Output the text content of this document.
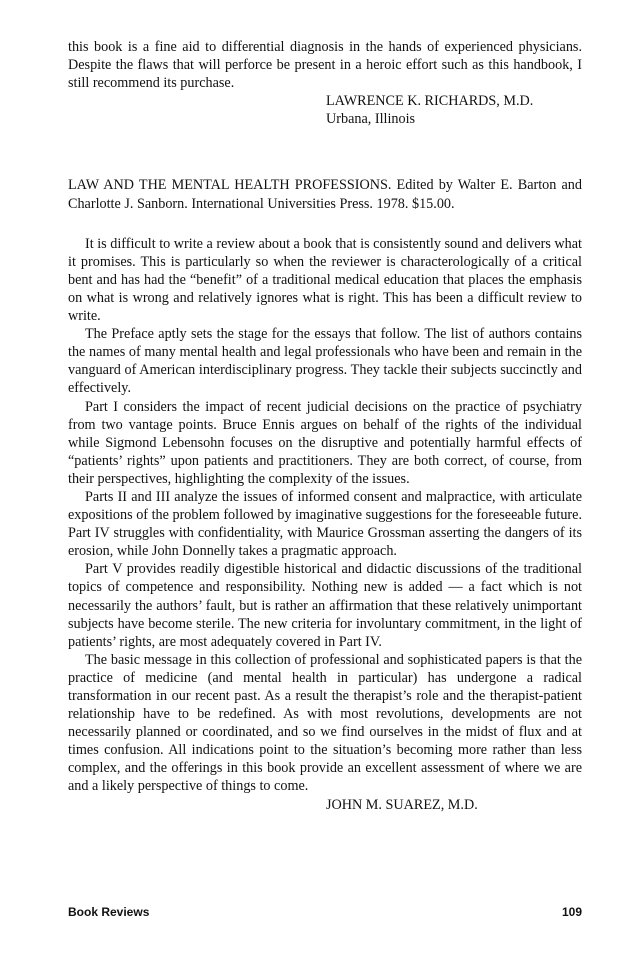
this book is a fine aid to differential diagnosis in the hands of experienced physicians. Despite the flaws that will perforce be present in a heroic effort such as this handbook, I still recommend its purchase.

LAWRENCE K. RICHARDS, M.D.
Urbana, Illinois

LAW AND THE MENTAL HEALTH PROFESSIONS. Edited by Walter E. Barton and Charlotte J. Sanborn. International Universities Press. 1978. $15.00.

It is difficult to write a review about a book that is consistently sound and delivers what it promises. This is particularly so when the reviewer is characterologically of a critical bent and has had the “benefit” of a traditional medical education that places the emphasis on what is wrong and relatively ignores what is right. This has been a difficult review to write.

The Preface aptly sets the stage for the essays that follow. The list of authors contains the names of many mental health and legal professionals who have been and remain in the vanguard of American interdisciplinary progress. They tackle their subjects succinctly and effectively.

Part I considers the impact of recent judicial decisions on the practice of psychiatry from two vantage points. Bruce Ennis argues on behalf of the rights of the individual while Sigmond Lebensohn focuses on the disruptive and potentially harmful effects of “patients’ rights” upon patients and practitioners. They are both correct, of course, from their perspectives, highlighting the complexity of the issues.

Parts II and III analyze the issues of informed consent and malpractice, with articulate expositions of the problem followed by imaginative suggestions for the foreseeable future. Part IV struggles with confidentiality, with Maurice Grossman asserting the dangers of its erosion, while John Donnelly takes a pragmatic approach.

Part V provides readily digestible historical and didactic discussions of the traditional topics of competence and responsibility. Nothing new is added — a fact which is not necessarily the authors’ fault, but is rather an affirmation that these relatively unimportant subjects have become sterile. The new criteria for involuntary commitment, in the light of patients’ rights, are most adequately covered in Part IV.

The basic message in this collection of professional and sophisticated papers is that the practice of medicine (and mental health in particular) has undergone a radical transformation in our recent past. As a result the therapist’s role and the therapist-patient relationship have to be redefined. As with most revolutions, developments are not necessarily planned or coordinated, and so we find ourselves in the midst of flux and at times confusion. All indications point to the situation’s becoming more rather than less complex, and the offerings in this book provide an excellent assessment of where we are and a likely perspective of things to come.

JOHN M. SUAREZ, M.D.
Book Reviews	109
